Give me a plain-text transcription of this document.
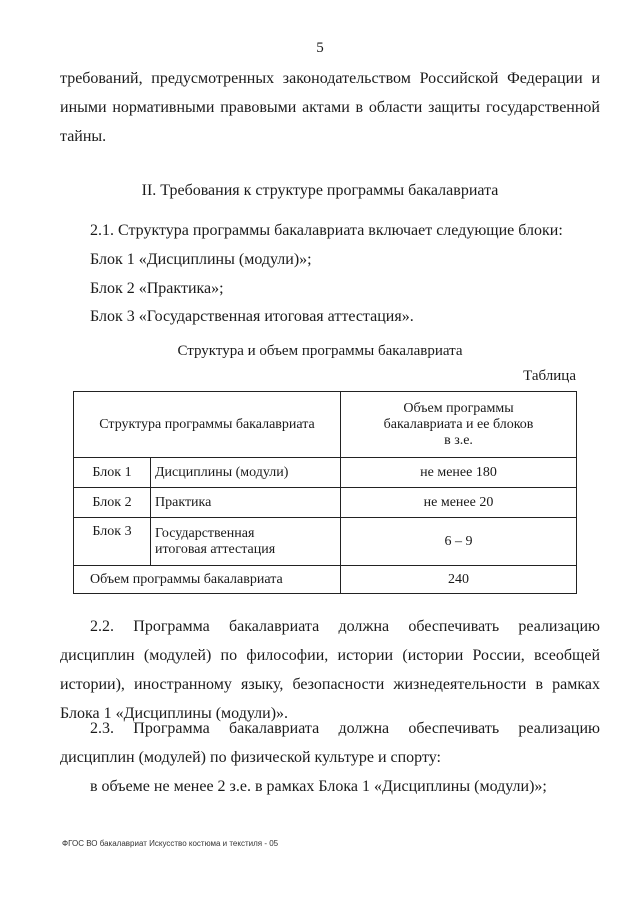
5

требований, предусмотренных законодательством Российской Федерации и иными нормативными правовыми актами в области защиты государственной тайны.

II. Требования к структуре программы бакалавриата

2.1. Структура программы бакалавриата включает следующие блоки:

Блок 1 «Дисциплины (модули)»;

Блок 2 «Практика»;

Блок 3 «Государственная итоговая аттестация».

Структура и объем программы бакалавриата

Таблица
Структура программы бакалавриата		Объем программы бакалавриата и ее блоков в з.е.
Блок 1	Дисциплины (модули)	не менее 180
Блок 2	Практика	не менее 20
Блок 3	Государственная итоговая аттестация	6 – 9
Объем программы бакалавриата		240

2.2. Программа бакалавриата должна обеспечивать реализацию дисциплин (модулей) по философии, истории (истории России, всеобщей истории), иностранному языку, безопасности жизнедеятельности в рамках Блока 1 «Дисциплины (модули)».

2.3. Программа бакалавриата должна обеспечивать реализацию дисциплин (модулей) по физической культуре и спорту:

в объеме не менее 2 з.е. в рамках Блока 1 «Дисциплины (модули)»;

ФГОС ВО бакалавриат Искусство костюма и текстиля - 05
